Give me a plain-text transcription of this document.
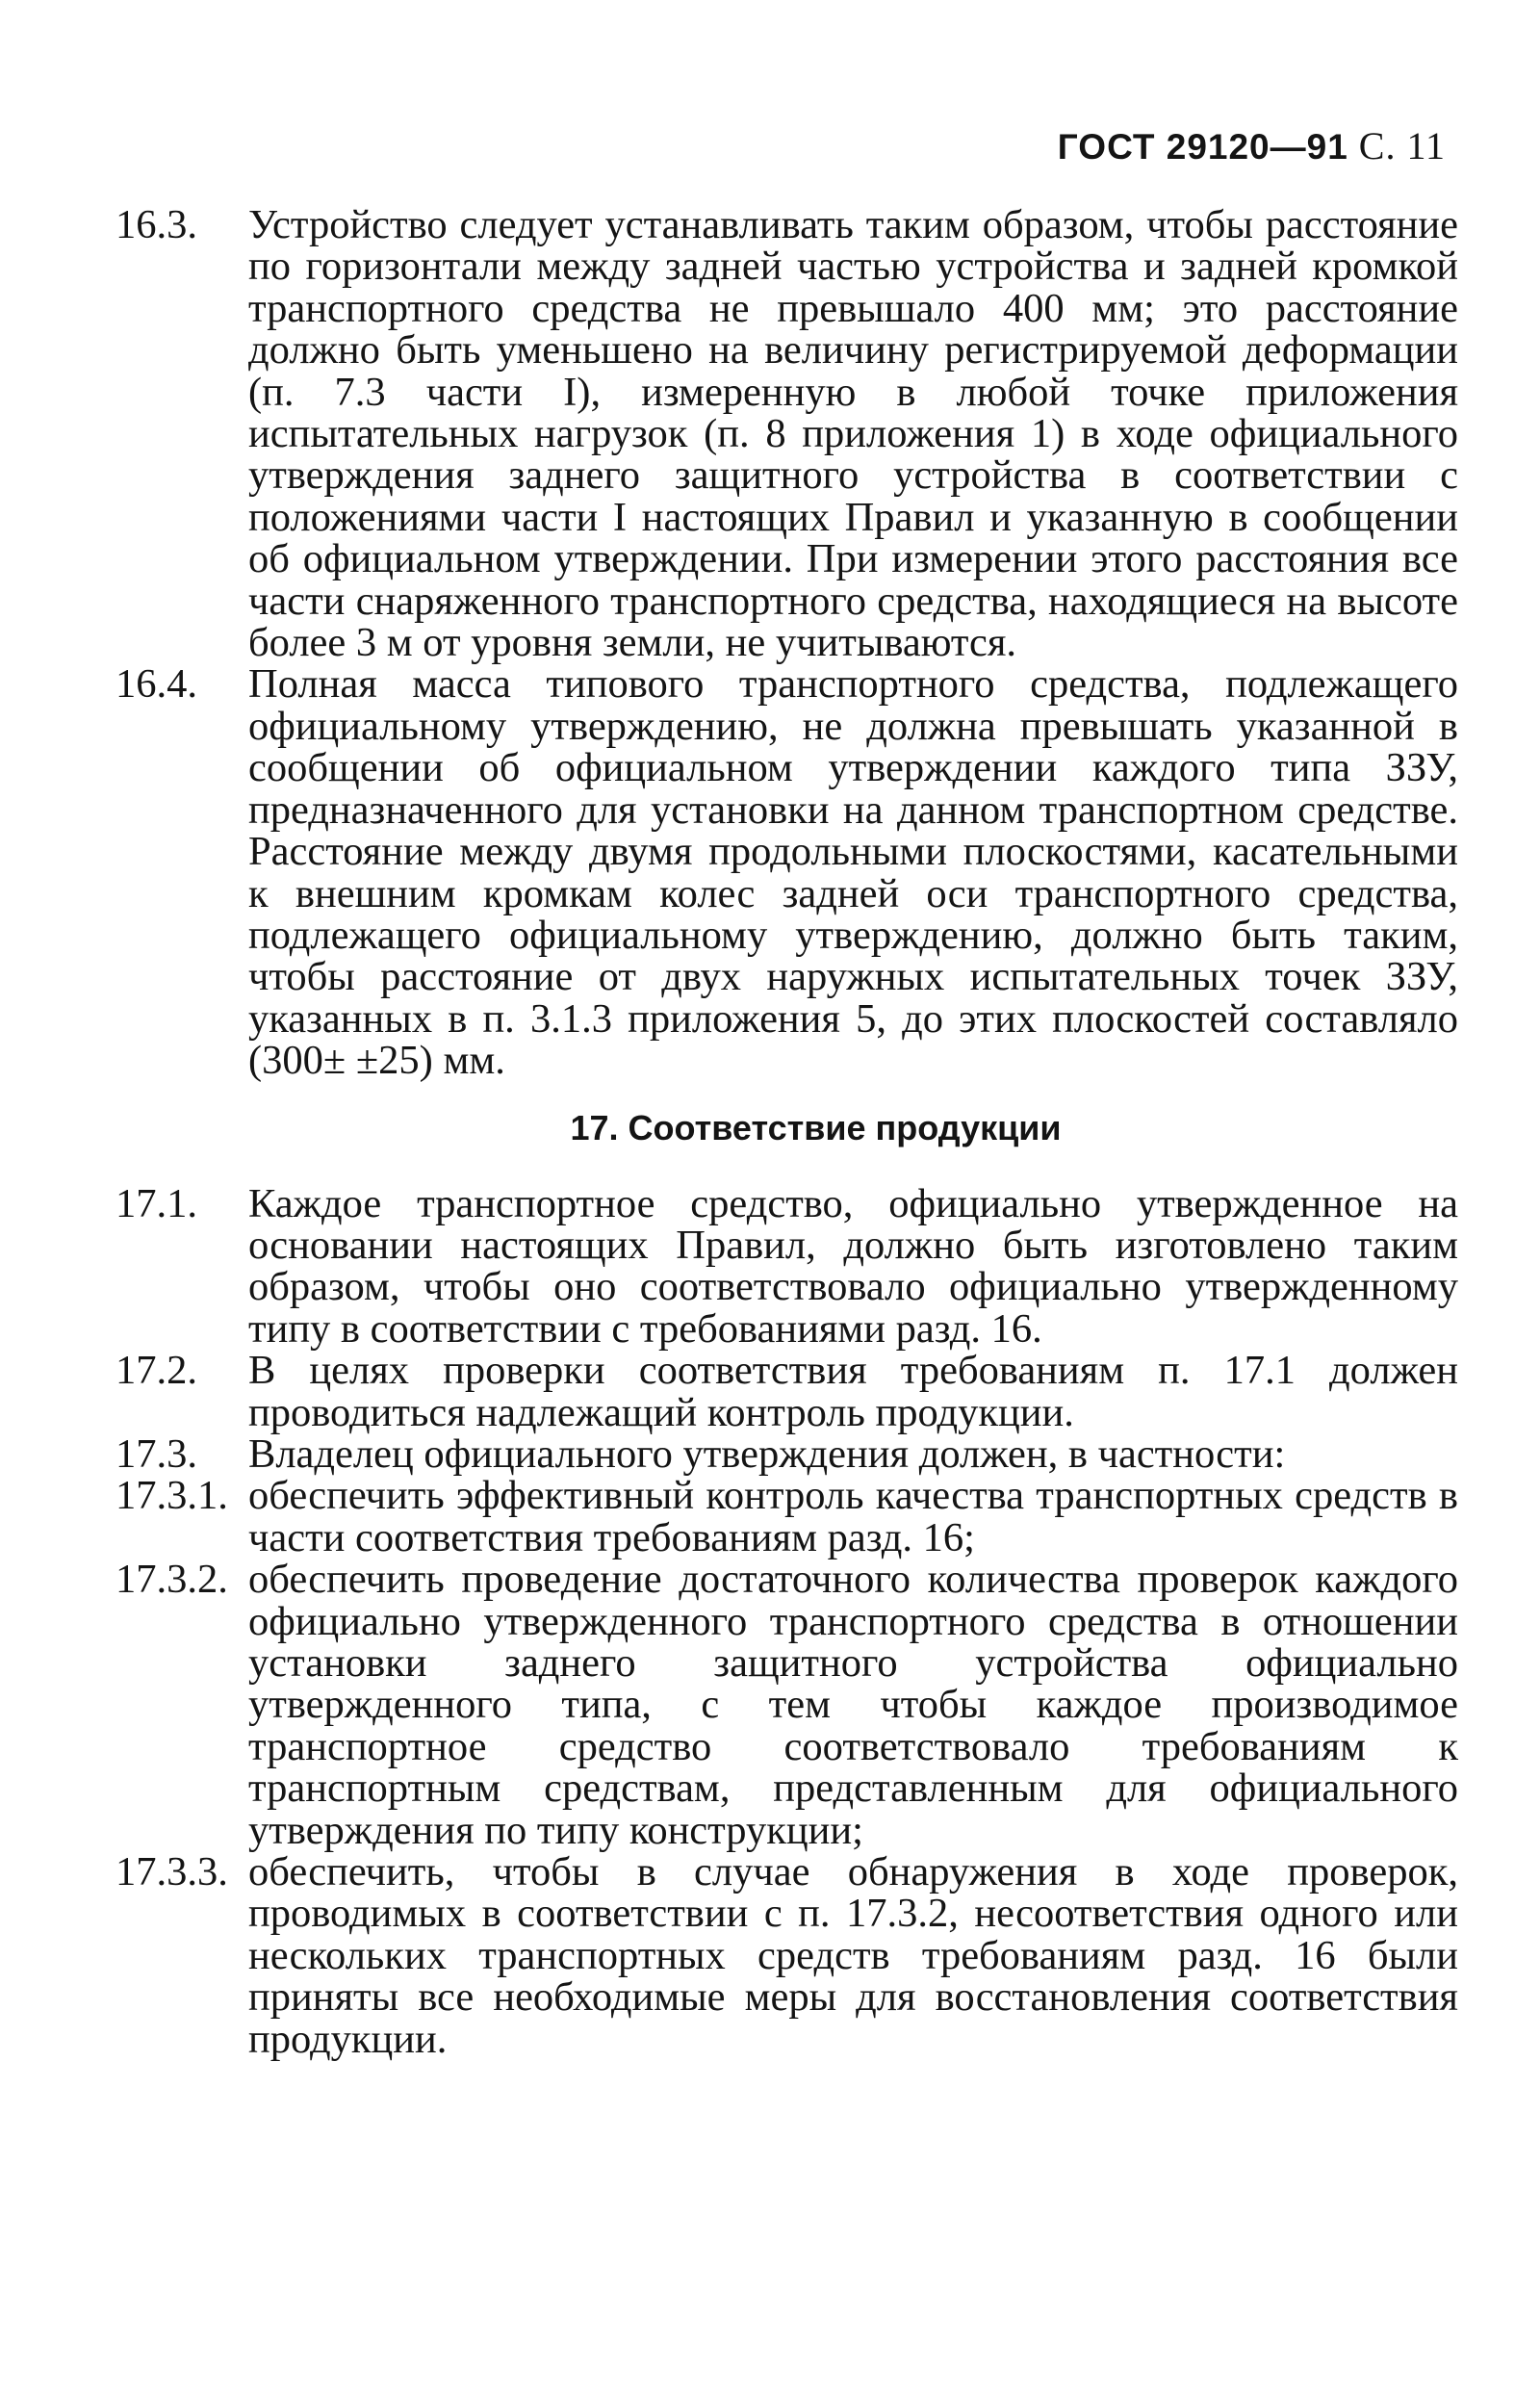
ГОСТ 29120—91 С. 11
16.3.	Устройство следует устанавливать таким образом, чтобы расстояние по горизонтали между задней частью устройства и задней кромкой транспортного средства не превышало 400 мм; это расстояние должно быть уменьшено на величину регистрируемой деформации (п. 7.3 части I), измеренную в любой точке приложения испытательных нагрузок (п. 8 приложения 1) в ходе официального утверждения заднего защитного устройства в соответствии с положениями части I настоящих Правил и указанную в сообщении об официальном утверждении. При измерении этого расстояния все части снаряженного транспортного средства, находящиеся на высоте более 3 м от уровня земли, не учитываются.
16.4.	Полная масса типового транспортного средства, подлежащего официальному утверждению, не должна превышать указанной в сообщении об официальном утверждении каждого типа ЗЗУ, предназначенного для установки на данном транспортном средстве. Расстояние между двумя продольными плоскостями, касательными к внешним кромкам колес задней оси транспортного средства, подлежащего официальному утверждению, должно быть таким, чтобы расстояние от двух наружных испытательных точек ЗЗУ, указанных в п. 3.1.3 приложения 5, до этих плоскостей составляло (300± ±25) мм.
17. Соответствие продукции
17.1.	Каждое транспортное средство, официально утвержденное на основании настоящих Правил, должно быть изготовлено таким образом, чтобы оно соответствовало официально утвержденному типу в соответствии с требованиями разд. 16.
17.2.	В целях проверки соответствия требованиям п. 17.1 должен проводиться надлежащий контроль продукции.
17.3.	Владелец официального утверждения должен, в частности:
17.3.1. обеспечить эффективный контроль качества транспортных средств в части соответствия требованиям разд. 16;
17.3.2. обеспечить проведение достаточного количества проверок каждого официально утвержденного транспортного средства в отношении установки заднего защитного устройства официально утвержденного типа, с тем чтобы каждое производимое транспортное средство соответствовало требованиям к транспортным средствам, представленным для официального утверждения по типу конструкции;
17.3.3. обеспечить, чтобы в случае обнаружения в ходе проверок, проводимых в соответствии с п. 17.3.2, несоответствия одного или нескольких транспортных средств требованиям разд. 16 были приняты все необходимые меры для восстановления соответствия продукции.
